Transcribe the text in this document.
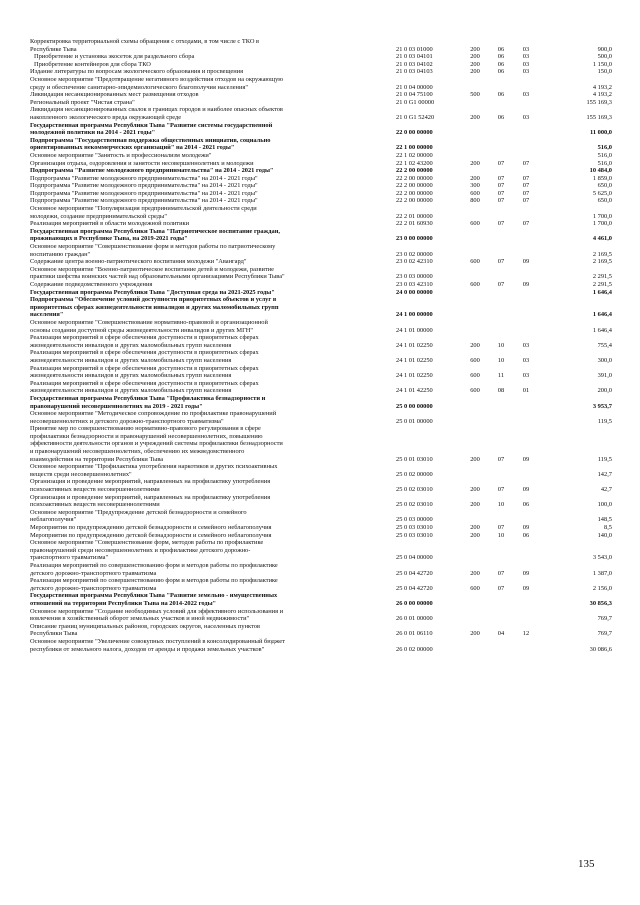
Корректировка территориальной схемы обращения с отходами, в том числе с ТКО в
Республике Тыва	21 0 03 01000	200	06	03	900,0
Приобретение и установка экоcеток для раздельного сбора	21 0 03 04101	200	06	03	500,0
Приобретение контейнеров для сбора ТКО	21 0 03 04102	200	06	03	1 150,0
Издание литературы по вопросам экологического образования и просвещения	21 0 03 04103	200	06	03	150,0
Основное мероприятие "Предотвращение негативного воздействия отходов на окружающую
среду и обеспечение санитарно-эпидемиологического благополучия населения"	21 0 04 00000	4 193,2
Ликвидация несанкционированных мест размещения отходов	21 0 04 75100	500	06	03	4 193,2
Региональный проект "Чистая страна"	21 0 G1 00000	155 169,3
Ликвидация несанкционированных свалок в границах городов и наиболее опасных объектов
накопленного экологического вреда окружающей среде	21 0 G1 52420	200	06	03	155 169,3
Государственная программа Республики Тыва "Развитие системы государственной
молодежной политики на 2014 - 2021 годы"	22 0 00 00000	11 000,0
Подпрограмма "Государственная поддержка общественных инициатив, социально
ориентированных некоммерческих организаций" на 2014 - 2021 годы"	22 1 00 00000	516,0
Основное мероприятие "Занятость и профессионализм молодежи"	22 1 02 00000	516,0
Организация отдыха, оздоровления и занятости несовершеннолетних и молодежи	22 1 02 43200	200	07	07	516,0
Подпрограмма "Развитие молодежного предпринимательства" на 2014 - 2021 годы"	22 2 00 00000	10 484,0
Подпрограмма "Развитие молодежного предпринимательства" на 2014 - 2021 годы"	22 2 00 00000	200	07	07	1 859,0
Подпрограмма "Развитие молодежного предпринимательства" на 2014 - 2021 годы"	22 2 00 00000	300	07	07	650,0
Подпрограмма "Развитие молодежного предпринимательства" на 2014 - 2021 годы"	22 2 00 00000	600	07	07	5 625,0
Подпрограмма "Развитие молодежного предпринимательства" на 2014 - 2021 годы"	22 2 00 00000	800	07	07	650,0
Основное мероприятие "Популяризация предпринимательской деятельности среди
молодежи, создание предпринимательской среды"	22 2 01 00000	1 700,0
Реализация мероприятий в области молодежной политики	22 2 01 60930	600	07	07	1 700,0
Государственная программа Республики Тыва "Патриотическое воспитание граждан,
проживающих в Республике Тыва, на 2019-2021 годы"	23 0 00 00000	4 461,0
Основное мероприятие "Совершенствование форм и методов работы по патриотическому
воспитанию граждан"	23 0 02 00000	2 169,5
Содержание центра военно-патриотического воспитания молодежи "Авангард"	23 0 02 42310	600	07	09	2 169,5
Основное мероприятие "Военно-патриотическое воспитание детей и молодежи, развитие
практики шефства воинских частей над образовательными организациями Республики Тыва"	23 0 03 00000	2 291,5
Содержание подведомственного учреждения	23 0 03 42310	600	07	09	2 291,5
Государственная программа Республики Тыва "Доступная среда на 2021-2025 годы"	24 0 00 00000	1 646,4
Подпрограмма "Обеспечение условий доступности приоритетных объектов и услуг в
приоритетных сферах жизнедеятельности инвалидов и других маломобильных групп
населения"	24 1 00 00000	1 646,4
Основное мероприятие "Совершенствование нормативно-правовой и организационной
основы создания доступной среды жизнедеятельности инвалидов и других МГН"	24 1 01 00000	1 646,4
Реализация мероприятий в сфере обеспечения доступности в приоритетных сферах
жизнедеятельности инвалидов и других маломобильных групп населения	24 1 01 02250	200	10	03	755,4
Реализация мероприятий в сфере обеспечения доступности в приоритетных сферах
жизнедеятельности инвалидов и других маломобильных групп населения	24 1 01 02250	600	10	03	300,0
Реализация мероприятий в сфере обеспечения доступности в приоритетных сферах
жизнедеятельности инвалидов и других маломобильных групп населения	24 1 01 02250	600	11	03	391,0
Реализация мероприятий в сфере обеспечения доступности в приоритетных сферах
жизнедеятельности инвалидов и других маломобильных групп населения	24 1 01 42250	600	08	01	200,0
Государственная программа Республики Тыва "Профилактика безнадзорности и
правонарушений несовершеннолетних на 2019 - 2021 годы"	25 0 00 00000	3 953,7
Основное мероприятие "Методическое сопровождение по профилактике правонарушений
несовершеннолетних и детского дорожно-транспортного травматизма"	25 0 01 00000	119,5
Принятие мер по совершенствованию нормативно-правового регулирования в сфере
профилактики безнадзорности и правонарушений несовершеннолетних, повышению
эффективности деятельности органов и учреждений системы профилактики безнадзорности
и правонарушений несовершеннолетних, обеспечению их межведомственного
взаимодействия на территории Республики Тыва	25 0 01 03010	200	07	09	119,5
Основное мероприятие "Профилактика употребления наркотиков и других психоактивных
веществ среди несовершеннолетних"	25 0 02 00000	142,7
Организация и проведение мероприятий, направленных на профилактику употребления
психоактивных веществ несовершеннолетними	25 0 02 03010	200	07	09	42,7
Организация и проведение мероприятий, направленных на профилактику употребления
психоактивных веществ несовершеннолетними	25 0 02 03010	200	10	06	100,0
Основное мероприятие "Предупреждение детской безнадзорности и семейного
неблагополучия"	25 0 03 00000	148,5
Мероприятия по предупреждению детской безнадзорности и семейного неблагополучия	25 0 03 03010	200	07	09	8,5
Мероприятия по предупреждению детской безнадзорности и семейного неблагополучия	25 0 03 03010	200	10	06	140,0
Основное мероприятие "Совершенствование форм, методов работы по профилактике
правонарушений среди несовершеннолетних и профилактике детского дорожно-
транспортного травматизма"	25 0 04 00000	3 543,0
Реализация мероприятий по совершенствованию форм и методов работы по профилактике
детского дорожно-транспортного травматизма	25 0 04 42720	200	07	09	1 387,0
Реализация мероприятий по совершенствованию форм и методов работы по профилактике
детского дорожно-транспортного травматизма	25 0 04 42720	600	07	09	2 156,0
Государственная программа Республики Тыва "Развитие земельно - имущественных
отношений на территории Республики Тыва на 2014-2022 годы"	26 0 00 00000	30 856,3
Основное мероприятие "Создание необходимых условий для эффективного использования и
вовлечения в хозяйственный оборот земельных участков и иной недвижимости"	26 0 01 00000	769,7
Описание границ муниципальных районов, городских округов, населенных пунктов
Республики Тыва	26 0 01 06110	200	04	12	769,7
Основное мероприятие "Увеличение совокупных поступлений в консолидированный бюджет
республики от земельного налога, доходов от аренды и продажи земельных участков"	26 0 02 00000	30 086,6
135
